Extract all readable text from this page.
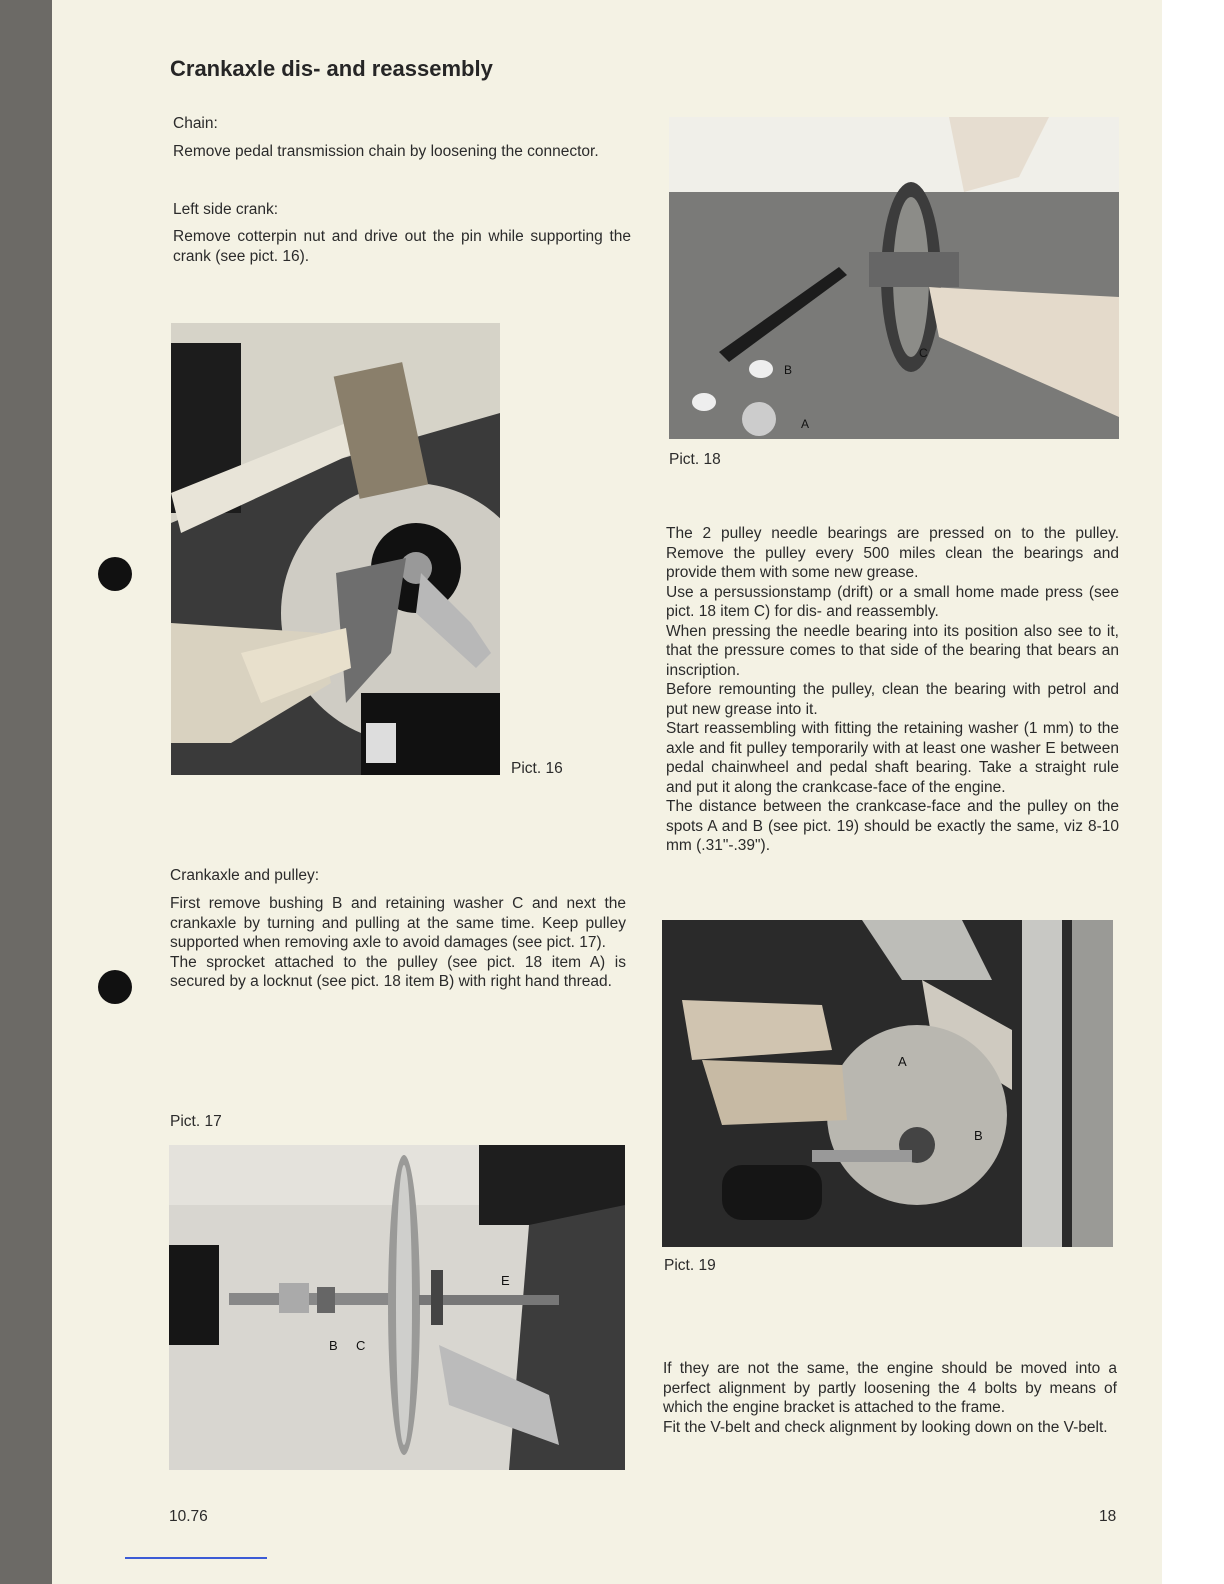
Crankaxle dis- and reassembly
Chain:
Remove pedal transmission chain by loosening the connector.
Left side crank:
Remove cotterpin nut and drive out the pin while supporting the crank (see pict. 16).
Pict. 16
Crankaxle and pulley:

First remove bushing B and retaining washer C and next the crankaxle by turning and pulling at the same time. Keep pulley supported when removing axle to avoid damages (see pict. 17).

The sprocket attached to the pulley (see pict. 18 item A) is secured by a locknut (see pict. 18 item B) with right hand thread.

Pict. 17
B C
E
B
A
C
Pict. 18

The 2 pulley needle bearings are pressed on to the pulley. Remove the pulley every 500 miles clean the bearings and provide them with some new grease.

Use a persussionstamp (drift) or a small home made press (see pict. 18 item C) for dis- and reassembly.

When pressing the needle bearing into its position also see to it, that the pressure comes to that side of the bearing that bears an inscription.

Before remounting the pulley, clean the bearing with petrol and put new grease into it.

Start reassembling with fitting the retaining washer (1 mm) to the axle and fit pulley temporarily with at least one washer E between pedal chainwheel and pedal shaft bearing. Take a straight rule and put it along the crankcase-face of the engine.

The distance between the crankcase-face and the pulley on the spots A and B (see pict. 19) should be exactly the same, viz 8-10 mm (.31"-.39").

A
B
Pict. 19

If they are not the same, the engine should be moved into a perfect alignment by partly loosening the 4 bolts by means of which the engine bracket is attached to the frame.

Fit the V-belt and check alignment by looking down on the V-belt.

10.76	18
